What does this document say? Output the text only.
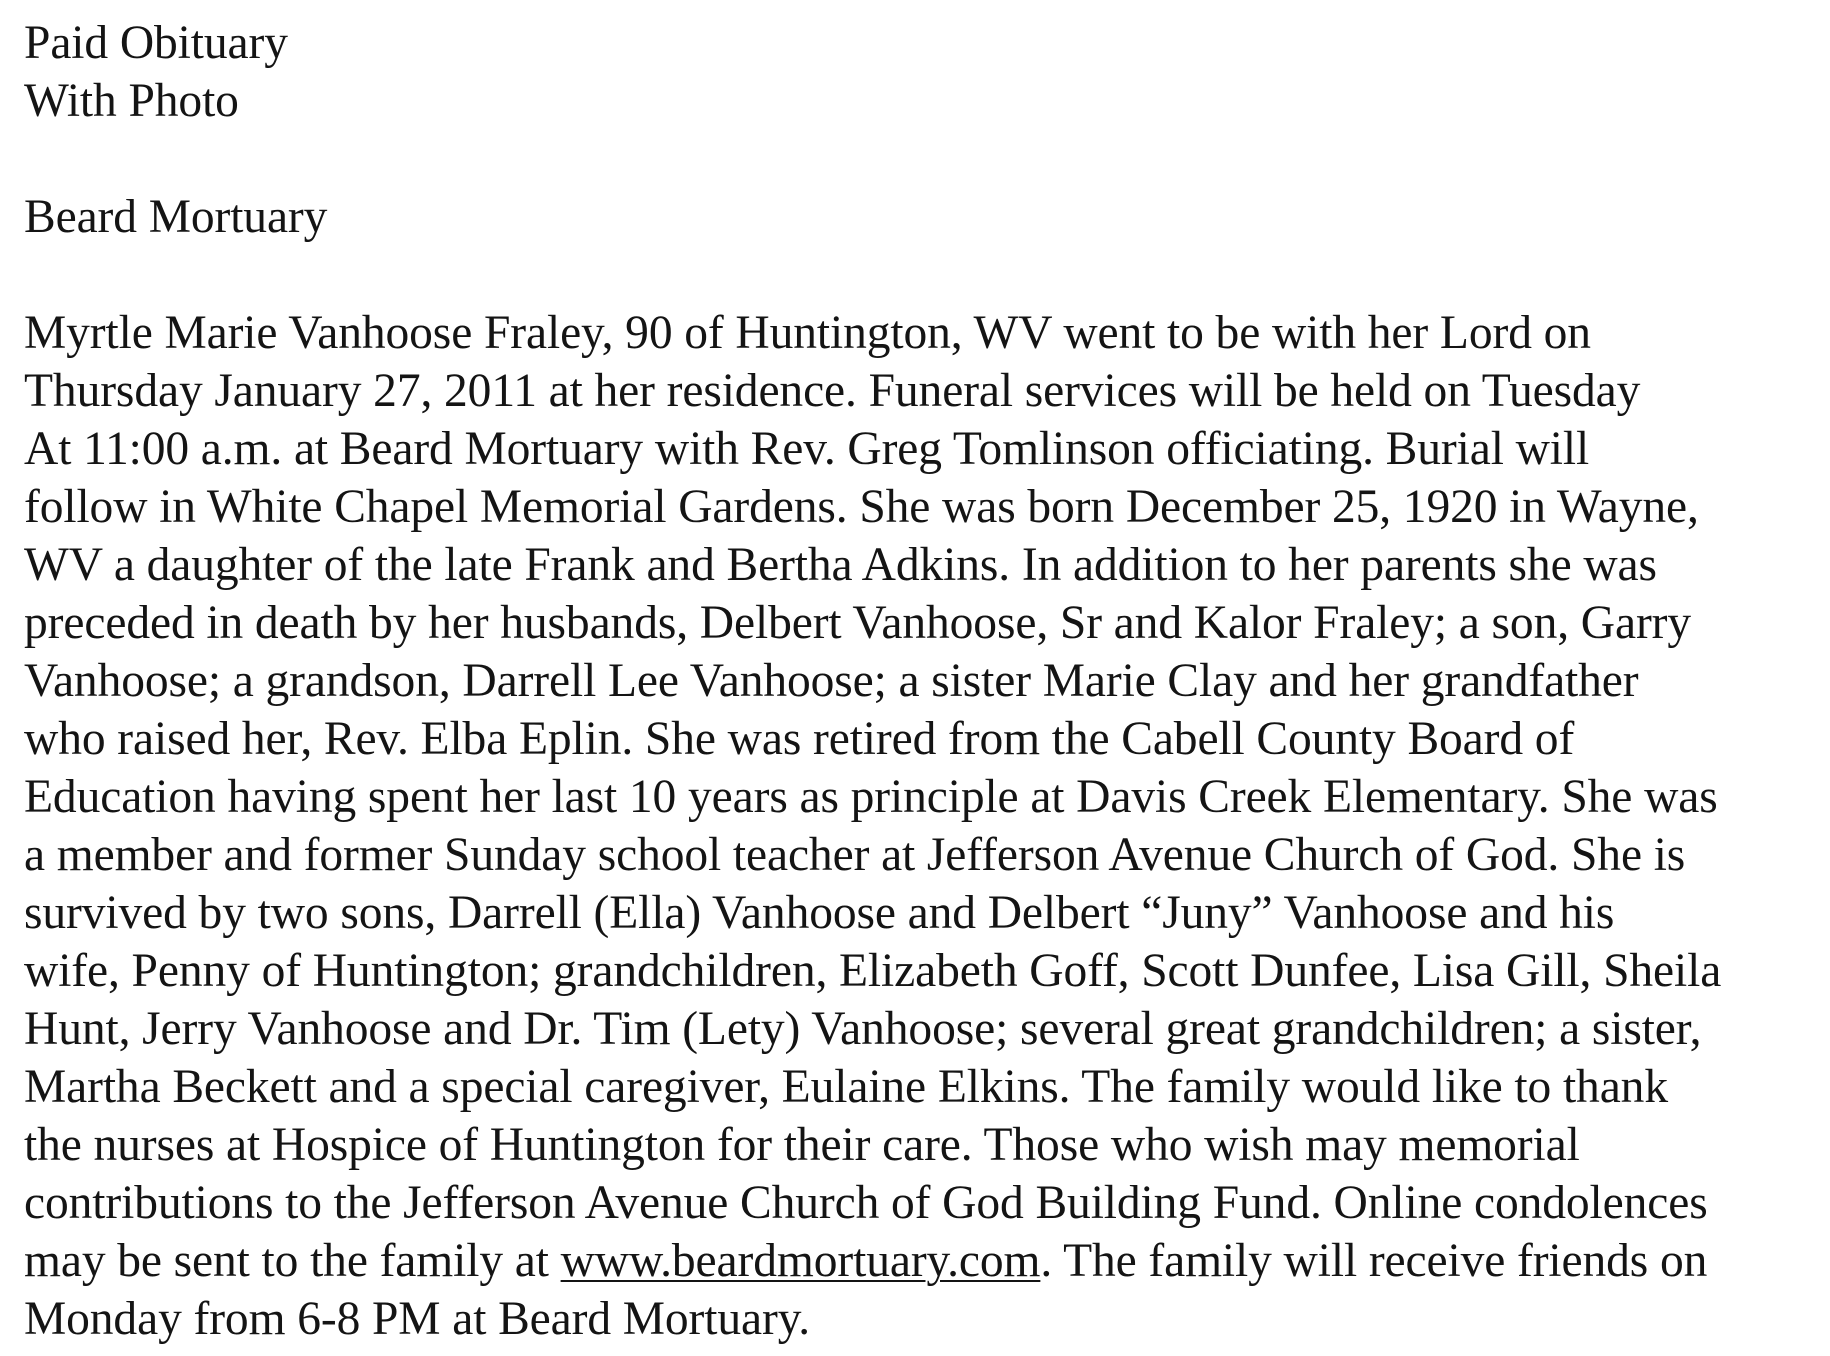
Paid Obituary
With Photo
Beard Mortuary
Myrtle Marie Vanhoose Fraley, 90 of Huntington, WV went to be with her Lord on
Thursday January 27, 2011 at her residence. Funeral services will be held on Tuesday
At 11:00 a.m. at Beard Mortuary with Rev. Greg Tomlinson officiating. Burial will
follow in White Chapel Memorial Gardens. She was born December 25, 1920 in Wayne,
WV a daughter of the late Frank and Bertha Adkins. In addition to her parents she was
preceded in death by her husbands, Delbert Vanhoose, Sr and Kalor Fraley; a son, Garry
Vanhoose; a grandson, Darrell Lee Vanhoose; a sister Marie Clay and her grandfather
who raised her, Rev. Elba Eplin. She was retired from the Cabell County Board of
Education having spent her last 10 years as principle at Davis Creek Elementary. She was
a member and former Sunday school teacher at Jefferson Avenue Church of God. She is
survived by two sons, Darrell (Ella) Vanhoose and Delbert “Juny” Vanhoose and his
wife, Penny of Huntington; grandchildren, Elizabeth Goff, Scott Dunfee, Lisa Gill, Sheila
Hunt, Jerry Vanhoose and Dr. Tim (Lety) Vanhoose; several great grandchildren; a sister,
Martha Beckett and a special caregiver, Eulaine Elkins. The family would like to thank
the nurses at Hospice of Huntington for their care. Those who wish may memorial
contributions to the Jefferson Avenue Church of God Building Fund. Online condolences
may be sent to the family at www.beardmortuary.com. The family will receive friends on
Monday from 6-8 PM at Beard Mortuary.
